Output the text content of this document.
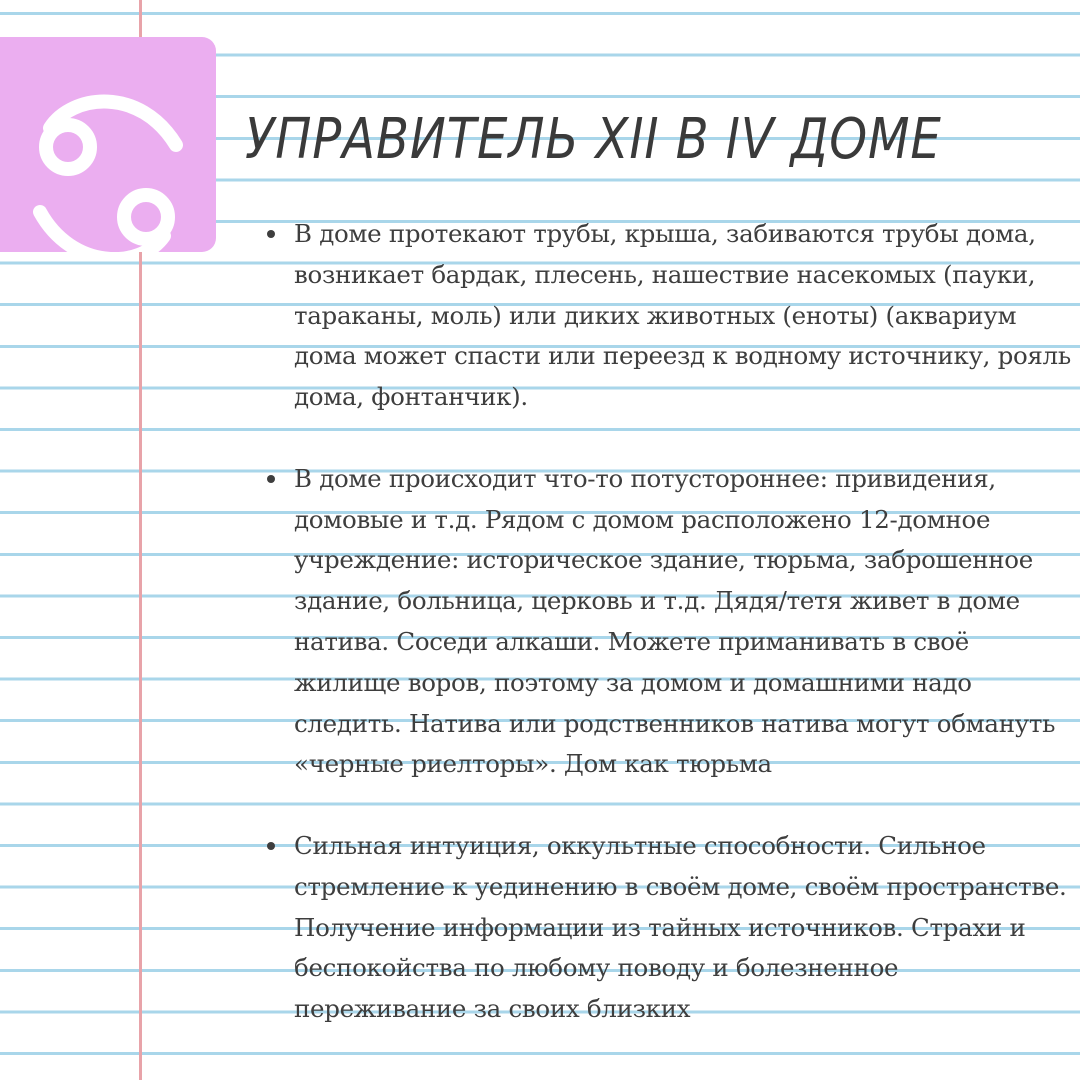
УПРАВИТЕЛЬ XII В IV ДОМЕ
В доме протекают трубы, крыша, забиваются трубы дома, возникает бардак, плесень, нашествие насекомых (пауки, тараканы, моль) или диких животных (еноты) (аквариум дома может спасти или переезд к водному источнику, рояль дома, фонтанчик).
В доме происходит что-то потустороннее: привидения, домовые и т.д. Рядом с домом расположено 12-домное учреждение: историческое здание, тюрьма, заброшенное здание, больница, церковь и т.д. Дядя/тетя живет в доме натива. Соседи алкаши. Можете приманивать в своё жилище воров, поэтому за домом и домашними надо следить. Натива или родственников натива могут обмануть «черные риелторы». Дом как тюрьма
Сильная интуиция, оккультные способности. Сильное стремление к уединению в своём доме, своём пространстве. Получение информации из тайных источников. Страхи и беспокойства по любому поводу и болезненное переживание за своих близких
